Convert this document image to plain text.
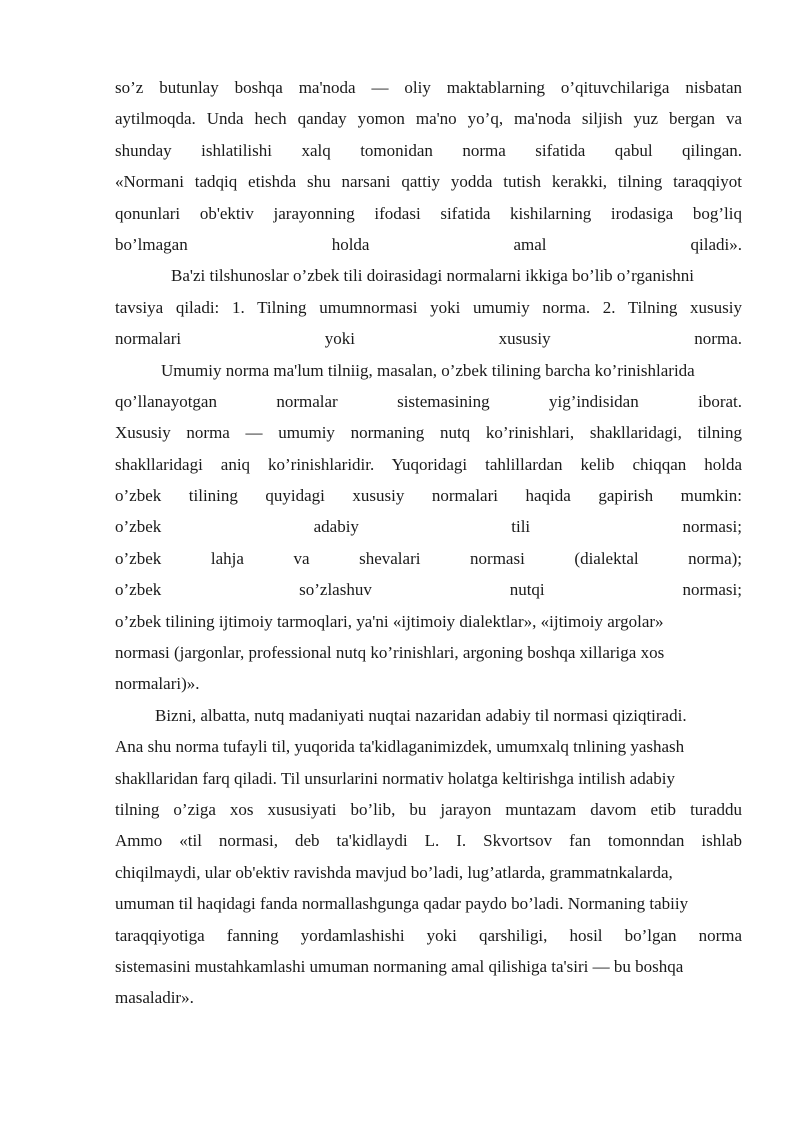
so’z butunlay boshqa ma'noda — oliy maktablarning o’qituvchilariga nisbatan
aytilmoqda. Unda hech qanday yomon ma'no yo’q, ma'noda siljish yuz bergan va
shunday ishlatilishi xalq tomonidan norma sifatida qabul qilingan.
«Normani tadqiq etishda shu narsani qattiy yodda tutish kerakki, tilning taraqqiyot
qonunlari ob'ektiv jarayonning ifodasi sifatida kishilarning irodasiga bog’liq
bo’lmagan holda amal qiladi».
Ba'zi tilshunoslar o’zbek tili doirasidagi normalarni ikkiga bo’lib o’rganishni
tavsiya qiladi: 1. Tilning umumnormasi yoki umumiy norma. 2. Tilning xususiy
normalari yoki xususiy norma.
Umumiy norma ma'lum tilniig, masalan, o’zbek tilining barcha ko’rinishlarida
qo’llanayotgan normalar sistemasining yig’indisidan iborat.
Xususiy norma — umumiy normaning nutq ko’rinishlari, shakllaridagi, tilning
shakllaridagi aniq ko’rinishlaridir. Yuqoridagi tahlillardan kelib chiqqan holda
o’zbek tilining quyidagi xususiy normalari haqida gapirish mumkin:
o’zbek adabiy tili normasi;
o’zbek lahja va shevalari normasi (dialektal norma);
o’zbek so’zlashuv nutqi normasi;
o’zbek tilining ijtimoiy tarmoqlari, ya'ni «ijtimoiy dialektlar», «ijtimoiy argolar»
normasi (jargonlar, professional nutq ko’rinishlari, argoning boshqa xillariga xos
normalari)».
Bizni, albatta, nutq madaniyati nuqtai nazaridan adabiy til normasi qiziqtiradi.
Ana shu norma tufayli til, yuqorida ta'kidlaganimizdek, umumxalq tnlining yashash
shakllaridan farq qiladi. Til unsurlarini normativ holatga keltirishga intilish adabiy
tilning o’ziga xos xususiyati bo’lib, bu jarayon muntazam davom etib turaddu
Ammo «til normasi, deb ta'kidlaydi L. I. Skvortsov fan tomonndan ishlab
chiqilmaydi, ular ob'ektiv ravishda mavjud bo’ladi, lug’atlarda, grammatnkalarda,
umuman til haqidagi fanda normallashgunga qadar paydo bo’ladi. Normaning tabiiy
taraqqiyotiga fanning yordamlashishi yoki qarshiligi, hosil bo’lgan norma
sistemasini mustahkamlashi umuman normaning amal qilishiga ta'siri — bu boshqa
masaladir».
